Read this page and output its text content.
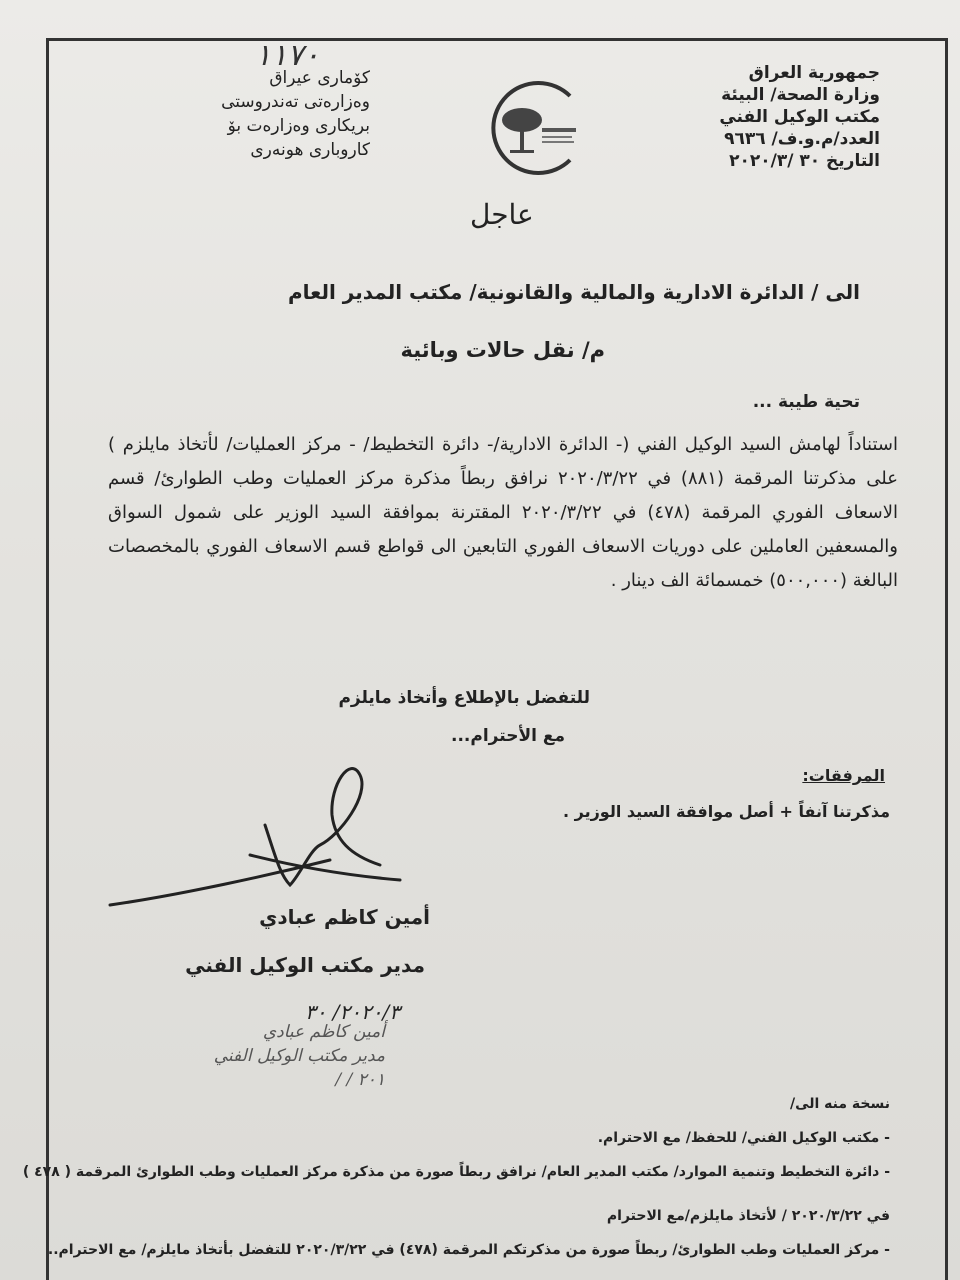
جمهورية العراق
وزارة الصحة/ البيئة
مكتب الوكيل الفني
العدد/م.و.ف/ ٩٦٣٦
التاريخ ٣٠ /٢٠٢٠/٣
١١٧٠
كۆماری عیراق
وەزارەتی تەندروستی
بریکاری وەزارەت بۆ
کاروباری هونەری
عاجل
الى / الدائرة الادارية والمالية والقانونية/ مكتب المدير العام
م/ نقل حالات وبائية
تحية طيبة ...
استناداً لهامش السيد الوكيل الفني (- الدائرة الادارية/- دائرة التخطيط/ - مركز العمليات/ لأتخاذ مايلزم ) على مذكرتنا المرقمة (٨٨١) في ٢٠٢٠/٣/٢٢ نرافق ربطاً مذكرة مركز العمليات وطب الطوارئ/ قسم الاسعاف الفوري المرقمة (٤٧٨) في ٢٠٢٠/٣/٢٢ المقترنة بموافقة السيد الوزير على شمول السواق والمسعفين العاملين على دوريات الاسعاف الفوري التابعين الى قواطع قسم الاسعاف الفوري بالمخصصات البالغة (٥٠٠,٠٠٠) خمسمائة الف دينار .
للتفضل بالإطلاع وأتخاذ مايلزم
مع الأحترام...
المرفقات:
مذكرتنا آنفاً + أصل موافقة السيد الوزير .
أمين كاظم عبادي
مدير مكتب الوكيل الفني
٢٠٢٠/٣/ ٣٠
أمين كاظم عبادي
مدير مكتب الوكيل الفني
٢٠١ / /
نسخة منه الى/
- مكتب الوكيل الفني/ للحفظ/ مع الاحترام.
- دائرة التخطيط وتنمية الموارد/ مكتب المدير العام/ نرافق ربطاً صورة من مذكرة مركز العمليات وطب الطوارئ المرقمة ( ٤٧٨ )
في ٢٠٢٠/٣/٢٢ / لأتخاذ مايلزم/مع الاحترام
- مركز العمليات وطب الطوارئ/ ربطاً صورة من مذكرتكم المرقمة (٤٧٨) في ٢٠٢٠/٣/٢٢ للتفضل بأتخاذ مايلزم/ مع الاحترام..
